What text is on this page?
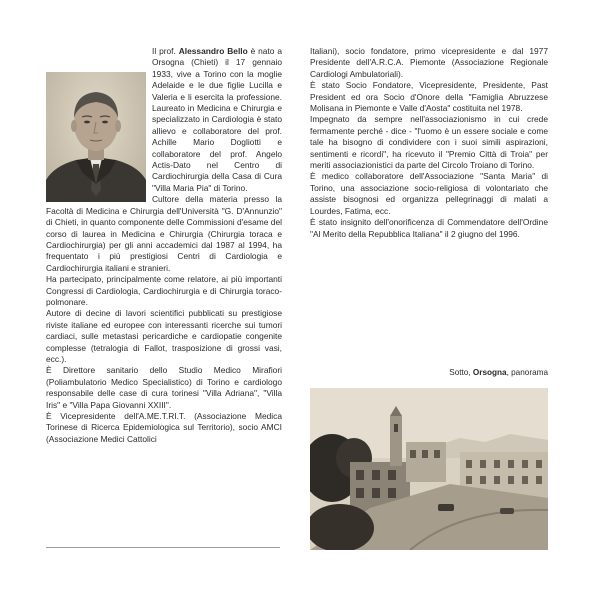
Il prof. Alessandro Bello è nato a Orsogna (Chieti) il 17 gennaio 1933, vive a Torino con la moglie Adelaide e le due figlie Lucilla e Valeria e li esercita la professione. Laureato in Medicina e Chirurgia e specializzato in Cardiologia è stato allievo e collaboratore del prof. Achille Mario Dogliotti e collaboratore del prof. Angelo Actis-Dato nel Centro di Cardiochirurgia della Casa di Cura "Villa Maria Pia" di Torino.

Cultore della materia presso la Facoltà di Medicina e Chirurgia dell'Università "G. D'Annunzio" di Chieti, in quanto componente delle Commissioni d'esame del corso di laurea in Medicina e Chirurgia (Chirurgia toraca e Cardiochirurgia) per gli anni accademici dal 1987 al 1994, ha frequentato i più prestigiosi Centri di Cardiologia e Cardiochirurgia italiani e stranieri.

Ha partecipato, principalmente come relatore, ai più importanti Congressi di Cardiologia, Cardiochirurgia e di Chirurgia toraco-polmonare.

Autore di decine di lavori scientifici pubblicati su prestigiose riviste italiane ed europee con interessanti ricerche sui tumori cardiaci, sulle metastasi pericardiche e cardiopatie congenite complesse (tetralogia di Fallot, trasposizione di grossi vasi, ecc.).

È Direttore sanitario dello Studio Medico Mirafiori (Poliambulatorio Medico Specialistico) di Torino e cardiologo responsabile delle case di cura torinesi "Villa Adriana", "Villa Iris" e "Villa Papa Giovanni XXIII".

È Vicepresidente dell'A.ME.T.RI.T. (Associazione Medica Torinese di Ricerca Epidemiologica sul Territorio), socio AMCI (Associazione Medici Cattolici

Italiani), socio fondatore, primo vicepresidente e dal 1977 Presidente dell'A.R.C.A. Piemonte (Associazione Regionale Cardiologi Ambulatoriali).

È stato Socio Fondatore, Vicepresidente, Presidente, Past President ed ora Socio d'Onore della "Famiglia Abruzzese Molisana in Piemonte e Valle d'Aosta" costituita nel 1978.

Impegnato da sempre nell'associazionismo in cui crede fermamente perché - dice - "l'uomo è un essere sociale e come tale ha bisogno di condividere con i suoi simili aspirazioni, sentimenti e ricordi", ha ricevuto il "Premio Città di Troia" per meriti associazionistici da parte del Circolo Troiano di Torino.

È medico collaboratore dell'Associazione "Santa Maria" di Torino, una associazione socio-religiosa di volontariato che assiste bisognosi ed organizza pellegrinaggi di malati a Lourdes, Fatima, ecc.

È stato insignito dell'onorificenza di Commendatore dell'Ordine "Al Merito della Repubblica Italiana" il 2 giugno del 1996.

Sotto, Orsogna, panorama
